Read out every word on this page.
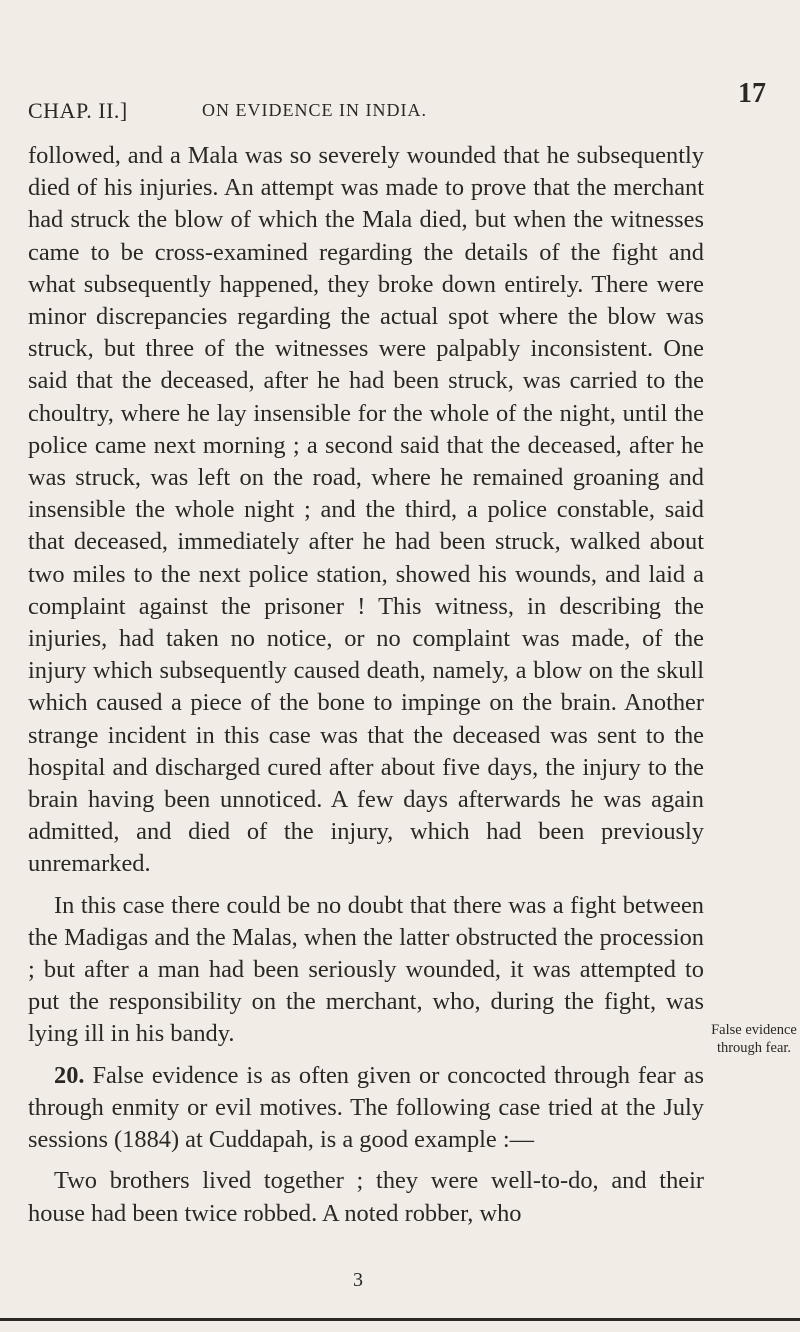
CHAP. II.]	ON EVIDENCE IN INDIA.
17

followed, and a Mala was so severely wounded that he subsequently died of his injuries. An attempt was made to prove that the merchant had struck the blow of which the Mala died, but when the witnesses came to be cross-examined regarding the details of the fight and what subsequently happened, they broke down entirely. There were minor discrepancies regarding the actual spot where the blow was struck, but three of the witnesses were palpably inconsistent. One said that the deceased, after he had been struck, was carried to the choultry, where he lay insensible for the whole of the night, until the police came next morning ; a second said that the deceased, after he was struck, was left on the road, where he remained groaning and insensible the whole night ; and the third, a police constable, said that deceased, immediately after he had been struck, walked about two miles to the next police station, showed his wounds, and laid a complaint against the prisoner ! This witness, in describing the injuries, had taken no notice, or no complaint was made, of the injury which subsequently caused death, namely, a blow on the skull which caused a piece of the bone to impinge on the brain. Another strange incident in this case was that the deceased was sent to the hospital and discharged cured after about five days, the injury to the brain having been unnoticed. A few days afterwards he was again admitted, and died of the injury, which had been previously unremarked.

In this case there could be no doubt that there was a fight between the Madigas and the Malas, when the latter obstructed the procession ; but after a man had been seriously wounded, it was attempted to put the responsibility on the merchant, who, during the fight, was lying ill in his bandy.

20. False evidence is as often given or concocted through fear as through enmity or evil motives. The following case tried at the July sessions (1884) at Cuddapah, is a good example :—

Two brothers lived together ; they were well-to-do, and their house had been twice robbed. A noted robber, who

False evidence through fear.
3
